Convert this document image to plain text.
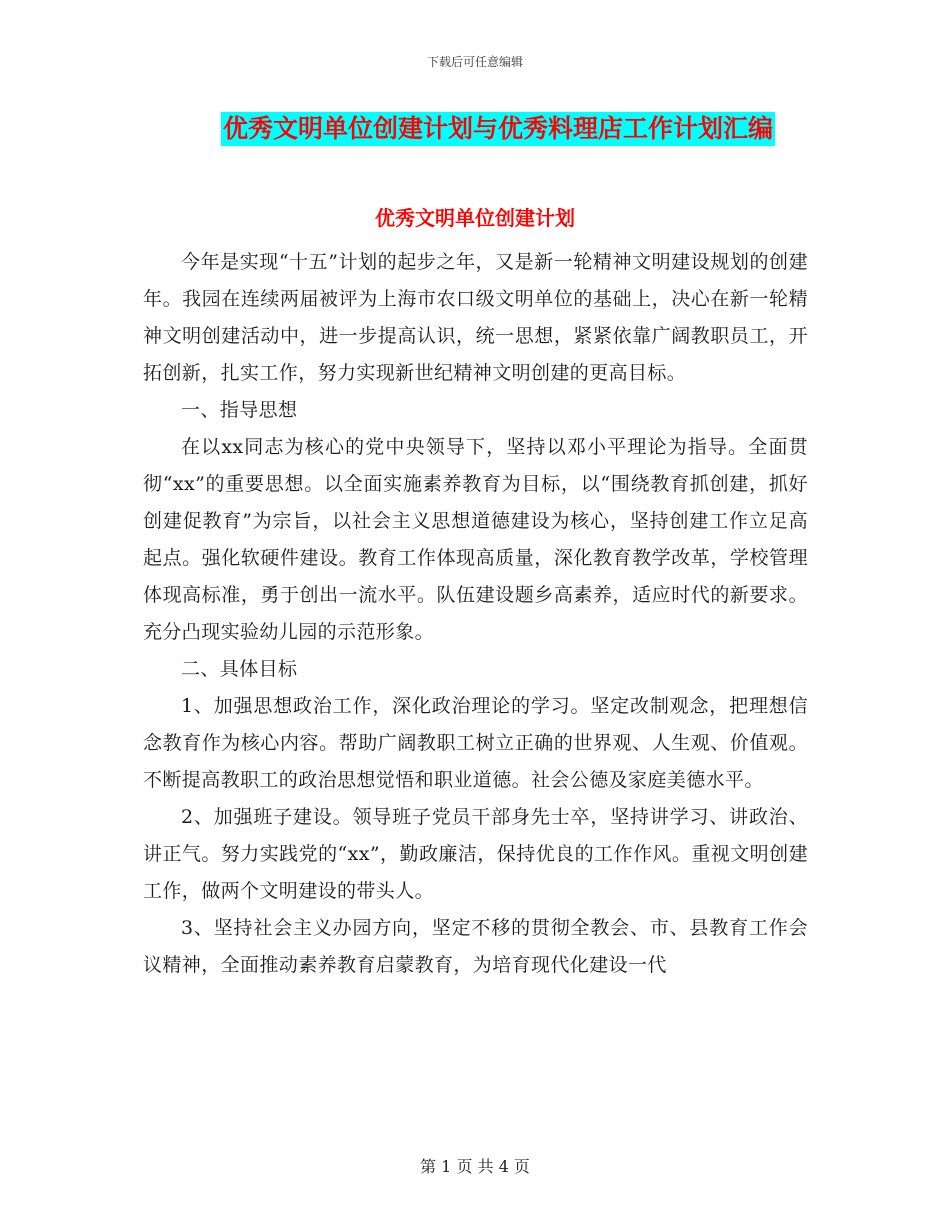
下载后可任意编辑
优秀文明单位创建计划与优秀料理店工作计划汇编
优秀文明单位创建计划

今年是实现“十五”计划的起步之年，又是新一轮精神文明建设规划的创建年。我园在连续两届被评为上海市农口级文明单位的基础上，决心在新一轮精神文明创建活动中，进一步提高认识，统一思想，紧紧依靠广阔教职员工，开拓创新，扎实工作，努力实现新世纪精神文明创建的更高目标。

一、指导思想

在以xx同志为核心的党中央领导下，坚持以邓小平理论为指导。全面贯彻“xx”的重要思想。以全面实施素养教育为目标，以“围绕教育抓创建，抓好创建促教育”为宗旨，以社会主义思想道德建设为核心，坚持创建工作立足高起点。强化软硬件建设。教育工作体现高质量，深化教育教学改革，学校管理体现高标准，勇于创出一流水平。队伍建设题乡高素养，适应时代的新要求。充分凸现实验幼儿园的示范形象。

二、具体目标

1、加强思想政治工作，深化政治理论的学习。坚定改制观念，把理想信念教育作为核心内容。帮助广阔教职工树立正确的世界观、人生观、价值观。不断提高教职工的政治思想觉悟和职业道德。社会公德及家庭美德水平。

2、加强班子建设。领导班子党员干部身先士卒，坚持讲学习、讲政治、讲正气。努力实践党的“xx”，勤政廉洁，保持优良的工作作风。重视文明创建工作，做两个文明建设的带头人。

3、坚持社会主义办园方向，坚定不移的贯彻全教会、市、县教育工作会议精神，全面推动素养教育启蒙教育，为培育现代化建设一代

第 1 页 共 4 页
